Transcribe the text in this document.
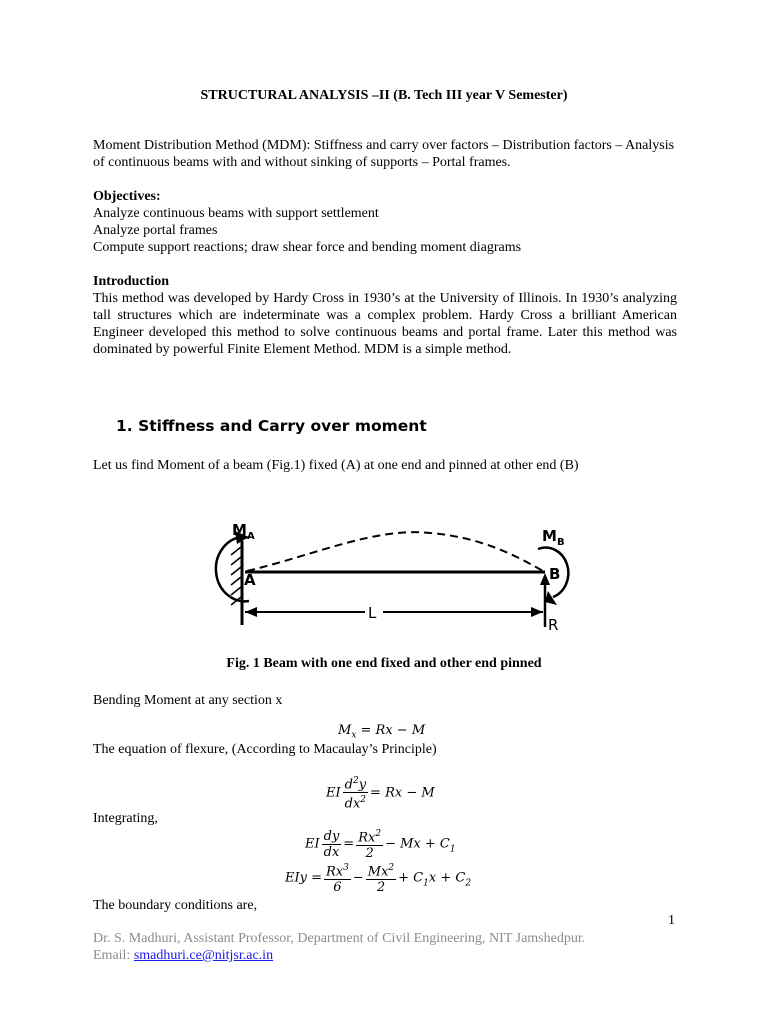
STRUCTURAL ANALYSIS –II (B. Tech III year V Semester)
Moment Distribution Method (MDM): Stiffness and carry over factors – Distribution factors – Analysis of continuous beams with and without sinking of supports – Portal frames.
Objectives:
Analyze continuous beams with support settlement
Analyze portal frames
Compute support reactions; draw shear force and bending moment diagrams
Introduction
This method was developed by Hardy Cross in 1930’s at the University of Illinois. In 1930’s analyzing tall structures which are indeterminate was a complex problem. Hardy Cross a brilliant American Engineer developed this method to solve continuous beams and portal frame. Later this method was dominated by powerful Finite Element Method. MDM is a simple method.
1. Stiffness and Carry over moment
Let us find Moment of a beam (Fig.1) fixed (A) at one end and pinned at other end (B)
$M_A$
A
$M_B$
B
R
L
Fig. 1 Beam with one end fixed and other end pinned
Bending Moment at any section x
$M_x = Rx - M$
The equation of flexure, (According to Macaulay’s Principle)
EI $\frac{d^2y}{dx^2} = Rx - M$
Integrating,
EI $\frac{dy}{dx} = \frac{Rx^2}{2} - Mx + C_1$
EIy = $\frac{Rx^3}{6} - \frac{Mx^2}{2} + C_1x + C_2$
The boundary conditions are,
1
Dr. S. Madhuri, Assistant Professor, Department of Civil Engineering, NIT Jamshedpur.
Email: smadhuri.ce@nitjsr.ac.in
